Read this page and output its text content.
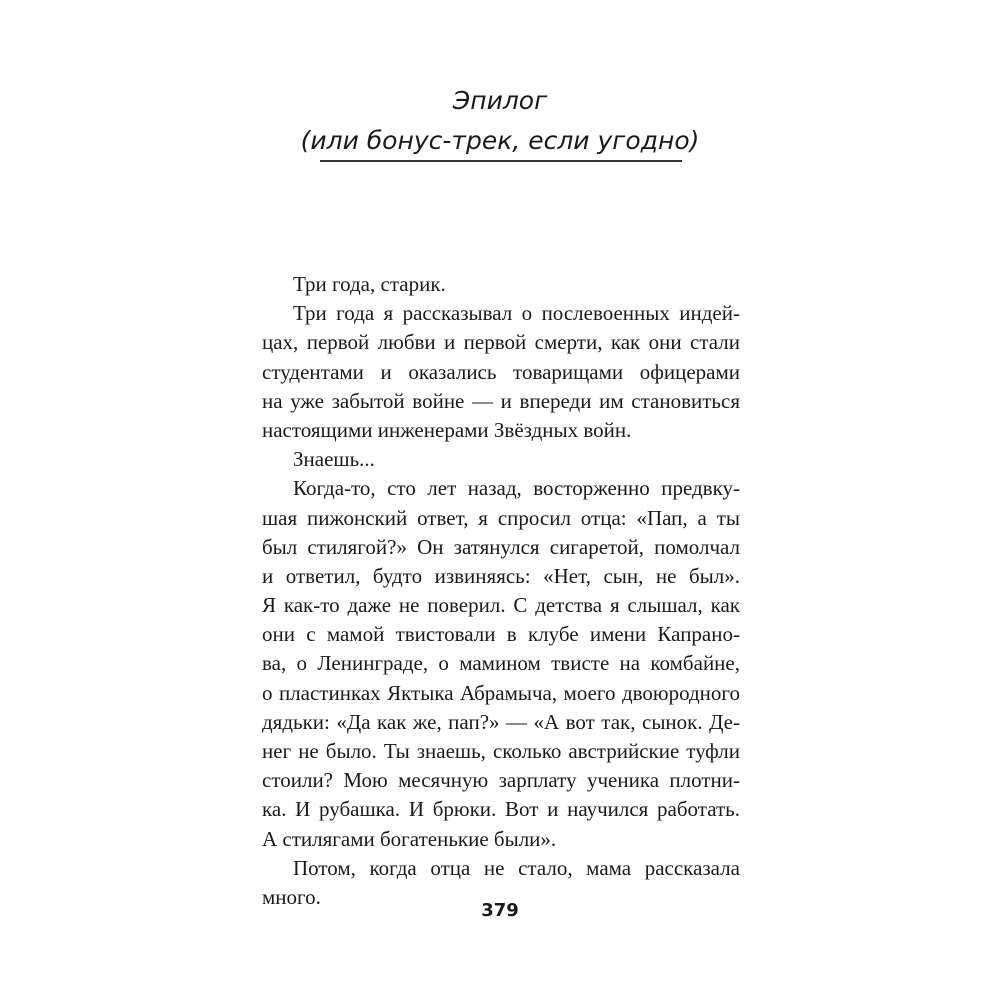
Эпилог
(или бонус-трек, если угодно)
Три года, старик.
Три года я рассказывал о послевоенных индей-
цах, первой любви и первой смерти, как они стали
студентами и оказались товарищами офицерами
на уже забытой войне — и впереди им становиться
настоящими инженерами Звёздных войн.
Знаешь...
Когда-то, сто лет назад, восторженно предвку-
шая пижонский ответ, я спросил отца: «Пап, а ты
был стилягой?» Он затянулся сигаретой, помолчал
и ответил, будто извиняясь: «Нет, сын, не был».
Я как-то даже не поверил. С детства я слышал, как
они с мамой твистовали в клубе имени Капрано-
ва, о Ленинграде, о мамином твисте на комбайне,
о пластинках Яктыка Абрамыча, моего двоюродного
дядьки: «Да как же, пап?» — «А вот так, сынок. Де-
нег не было. Ты знаешь, сколько австрийские туфли
стоили? Мою месячную зарплату ученика плотни-
ка. И рубашка. И брюки. Вот и научился работать.
А стилягами богатенькие были».
Потом, когда отца не стало, мама рассказала
много.
379
